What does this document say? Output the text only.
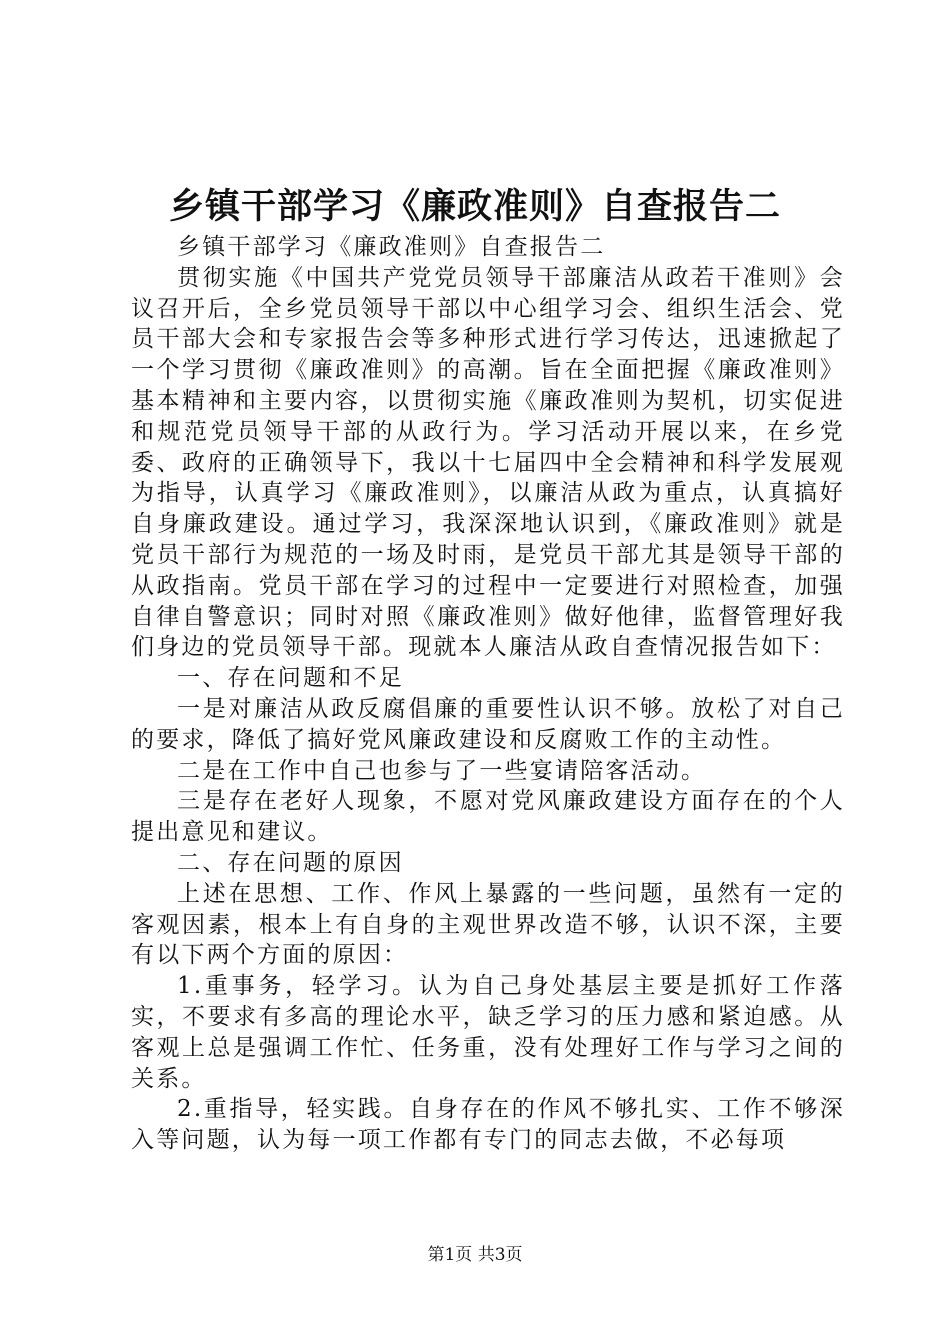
乡镇干部学习《廉政准则》自查报告二

乡镇干部学习《廉政准则》自查报告二

贯彻实施《中国共产党党员领导干部廉洁从政若干准则》会议召开后，全乡党员领导干部以中心组学习会、组织生活会、党员干部大会和专家报告会等多种形式进行学习传达，迅速掀起了一个学习贯彻《廉政准则》的高潮。旨在全面把握《廉政准则》基本精神和主要内容，以贯彻实施《廉政准则为契机，切实促进和规范党员领导干部的从政行为。学习活动开展以来，在乡党委、政府的正确领导下，我以十七届四中全会精神和科学发展观为指导，认真学习《廉政准则》，以廉洁从政为重点，认真搞好自身廉政建设。通过学习，我深深地认识到，《廉政准则》就是党员干部行为规范的一场及时雨，是党员干部尤其是领导干部的从政指南。党员干部在学习的过程中一定要进行对照检查，加强自律自警意识；同时对照《廉政准则》做好他律，监督管理好我们身边的党员领导干部。现就本人廉洁从政自查情况报告如下：

一、存在问题和不足

一是对廉洁从政反腐倡廉的重要性认识不够。放松了对自己的要求，降低了搞好党风廉政建设和反腐败工作的主动性。

二是在工作中自己也参与了一些宴请陪客活动。

三是存在老好人现象，不愿对党风廉政建设方面存在的个人提出意见和建议。

二、存在问题的原因

上述在思想、工作、作风上暴露的一些问题，虽然有一定的客观因素，根本上有自身的主观世界改造不够，认识不深，主要有以下两个方面的原因：

1.重事务，轻学习。认为自己身处基层主要是抓好工作落实，不要求有多高的理论水平，缺乏学习的压力感和紧迫感。从客观上总是强调工作忙、任务重，没有处理好工作与学习之间的关系。

2.重指导，轻实践。自身存在的作风不够扎实、工作不够深入等问题，认为每一项工作都有专门的同志去做，不必每项

第1页 共3页
